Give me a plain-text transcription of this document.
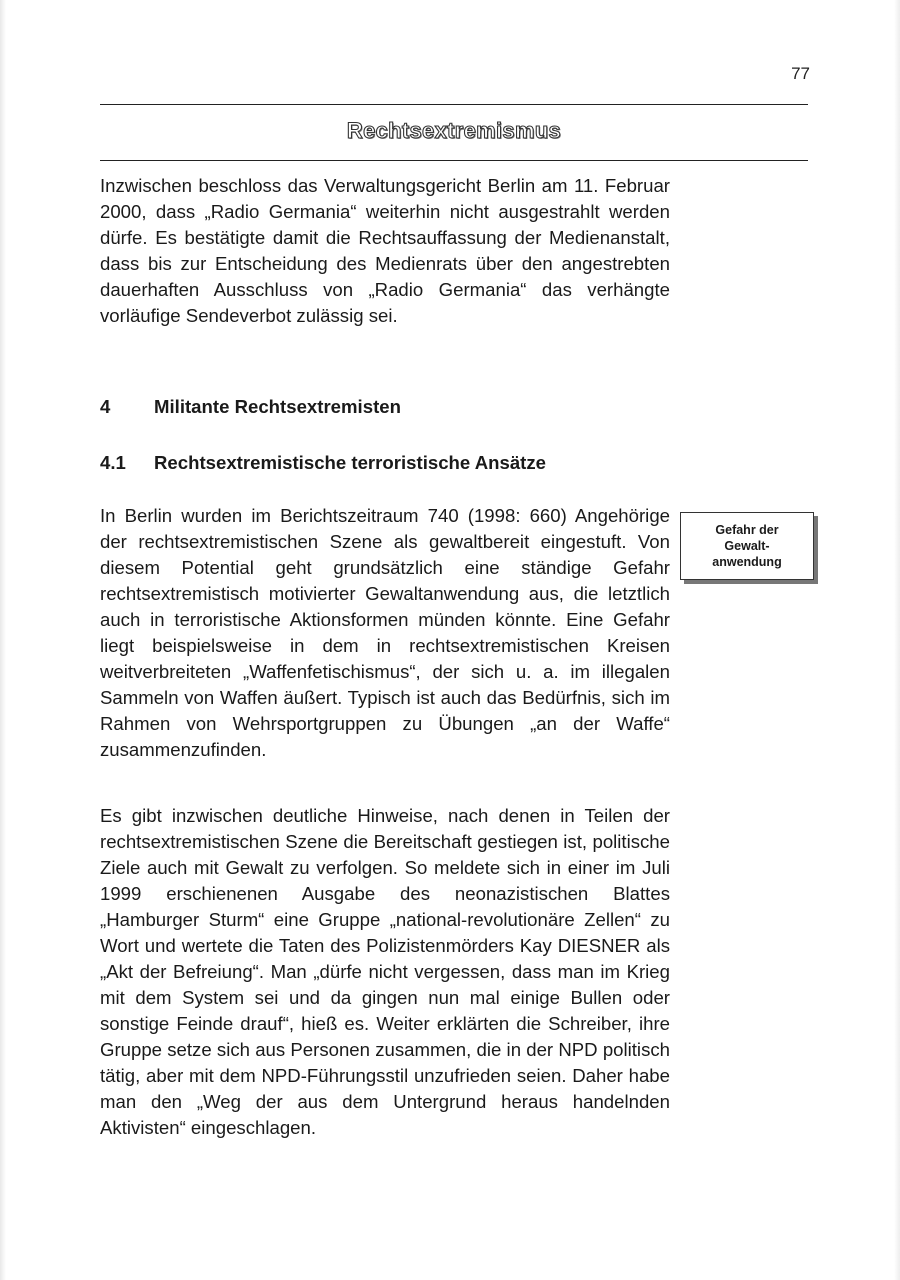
77
Rechtsextremismus

Inzwischen beschloss das Verwaltungsgericht Berlin am 11. Februar 2000, dass „Radio Germania“ weiterhin nicht ausgestrahlt werden dürfe. Es bestätigte damit die Rechtsauffassung der Medienanstalt, dass bis zur Entscheidung des Medienrats über den angestrebten dauerhaften Ausschluss von „Radio Germania“ das verhängte vorläufige Sendeverbot zulässig sei.

4 Militante Rechtsextremisten
4.1 Rechtsextremistische terroristische Ansätze

In Berlin wurden im Berichtszeitraum 740 (1998: 660) Angehörige der rechtsextremistischen Szene als gewaltbereit eingestuft. Von diesem Potential geht grundsätzlich eine ständige Gefahr rechtsextremistisch motivierter Gewaltanwendung aus, die letztlich auch in terroristische Aktionsformen münden könnte. Eine Gefahr liegt beispielsweise in dem in rechtsextremistischen Kreisen weitverbreiteten „Waffenfetischismus“, der sich u. a. im illegalen Sammeln von Waffen äußert. Typisch ist auch das Bedürfnis, sich im Rahmen von Wehrsportgruppen zu Übungen „an der Waffe“ zusammenzufinden.

Gefahr der
Gewalt-
anwendung

Es gibt inzwischen deutliche Hinweise, nach denen in Teilen der rechtsextremistischen Szene die Bereitschaft gestiegen ist, politische Ziele auch mit Gewalt zu verfolgen. So meldete sich in einer im Juli 1999 erschienenen Ausgabe des neonazistischen Blattes „Hamburger Sturm“ eine Gruppe „national-revolutionäre Zellen“ zu Wort und wertete die Taten des Polizistenmörders Kay DIESNER als „Akt der Befreiung“. Man „dürfe nicht vergessen, dass man im Krieg mit dem System sei und da gingen nun mal einige Bullen oder sonstige Feinde drauf“, hieß es. Weiter erklärten die Schreiber, ihre Gruppe setze sich aus Personen zusammen, die in der NPD politisch tätig, aber mit dem NPD-Führungsstil unzufrieden seien. Daher habe man den „Weg der aus dem Untergrund heraus handelnden Aktivisten“ eingeschlagen.
